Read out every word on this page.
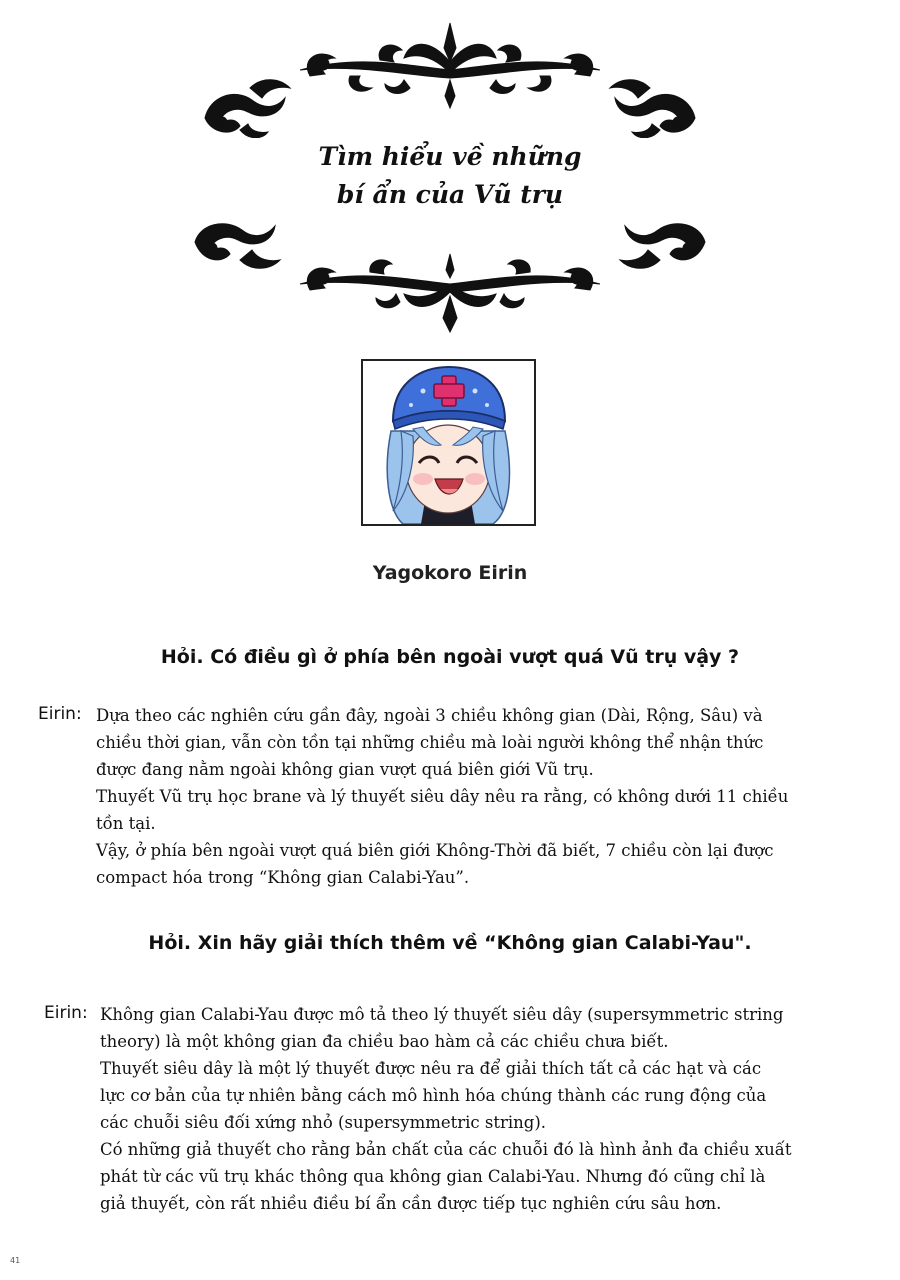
Tìm hiểu về những
bí ẩn của Vũ trụ
Yagokoro Eirin
Hỏi. Có điều gì ở phía bên ngoài vượt quá Vũ trụ vậy ?
Eirin: Dựa theo các nghiên cứu gần đây, ngoài 3 chiều không gian (Dài, Rộng, Sâu) và

chiều thời gian, vẫn còn tồn tại những chiều mà loài người không thể nhận thức

được đang nằm ngoài không gian vượt quá biên giới Vũ trụ.

Thuyết Vũ trụ học brane và lý thuyết siêu dây nêu ra rằng, có không dưới 11 chiều

tồn tại.

Vậy, ở phía bên ngoài vượt quá biên giới Không-Thời đã biết, 7 chiều còn lại được

compact hóa trong “Không gian Calabi-Yau”.

Hỏi. Xin hãy giải thích thêm về “Không gian Calabi-Yau".
Eirin: Không gian Calabi-Yau được mô tả theo lý thuyết siêu dây (supersymmetric string

theory) là một không gian đa chiều bao hàm cả các chiều chưa biết.

Thuyết siêu dây là một lý thuyết được nêu ra để giải thích tất cả các hạt và các

lực cơ bản của tự nhiên bằng cách mô hình hóa chúng thành các rung động của

các chuỗi siêu đối xứng nhỏ (supersymmetric string).

Có những giả thuyết cho rằng bản chất của các chuỗi đó là hình ảnh đa chiều xuất

phát từ các vũ trụ khác thông qua không gian Calabi-Yau. Nhưng đó cũng chỉ là

giả thuyết, còn rất nhiều điều bí ẩn cần được tiếp tục nghiên cứu sâu hơn.

41
